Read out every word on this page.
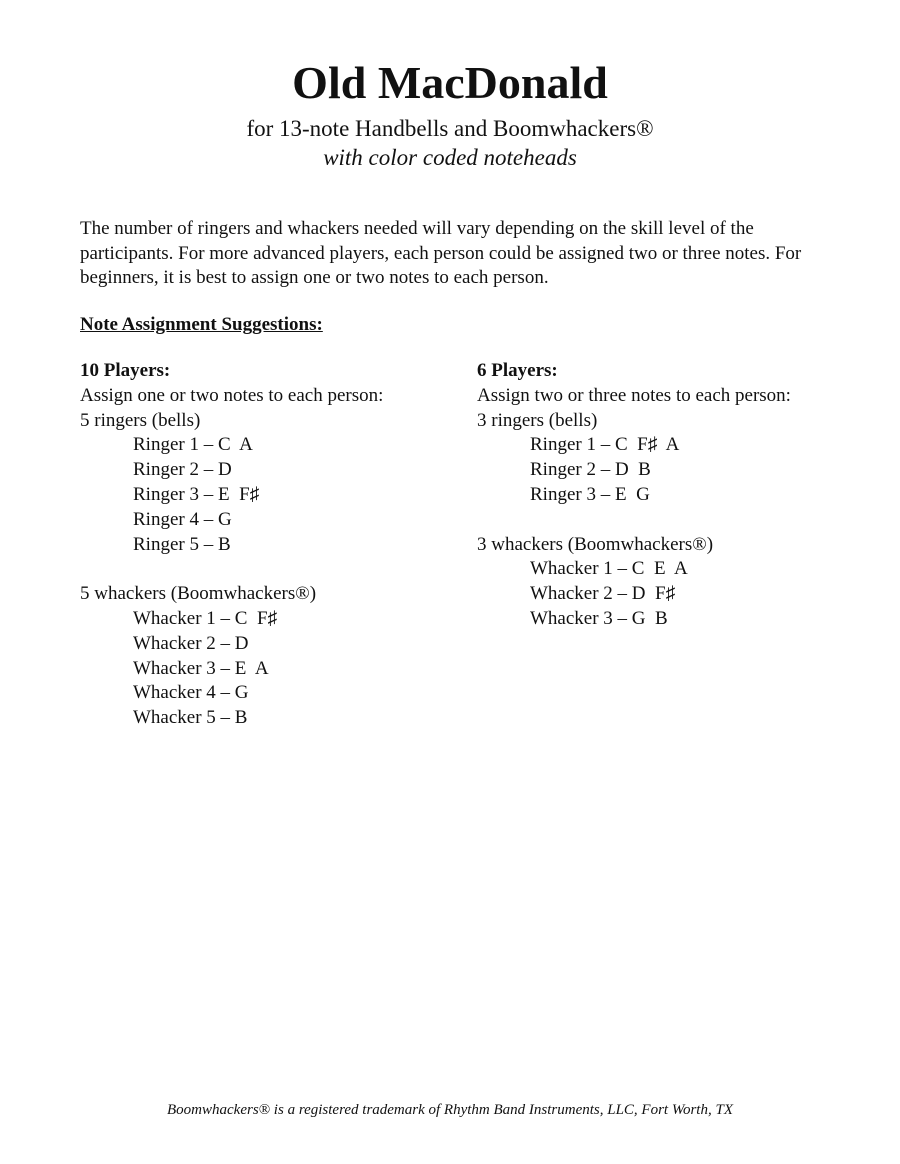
Old MacDonald
for 13-note Handbells and Boomwhackers®
with color coded noteheads
The number of ringers and whackers needed will vary depending on the skill level of the participants. For more advanced players, each person could be assigned two or three notes. For beginners, it is best to assign one or two notes to each person.
Note Assignment Suggestions:
10 Players:
Assign one or two notes to each person:
5 ringers (bells)
Ringer 1 – C  A
Ringer 2 – D
Ringer 3 – E  F♯
Ringer 4 – G
Ringer 5 – B
5 whackers (Boomwhackers®)
Whacker 1 – C  F♯
Whacker 2 – D
Whacker 3 – E  A
Whacker 4 – G
Whacker 5 – B
6 Players:
Assign two or three notes to each person:
3 ringers (bells)
Ringer 1 – C  F♯  A
Ringer 2 – D  B
Ringer 3 – E  G
3 whackers (Boomwhackers®)
Whacker 1 – C  E  A
Whacker 2 – D  F♯
Whacker 3 – G  B
Boomwhackers® is a registered trademark of Rhythm Band Instruments, LLC, Fort Worth, TX
